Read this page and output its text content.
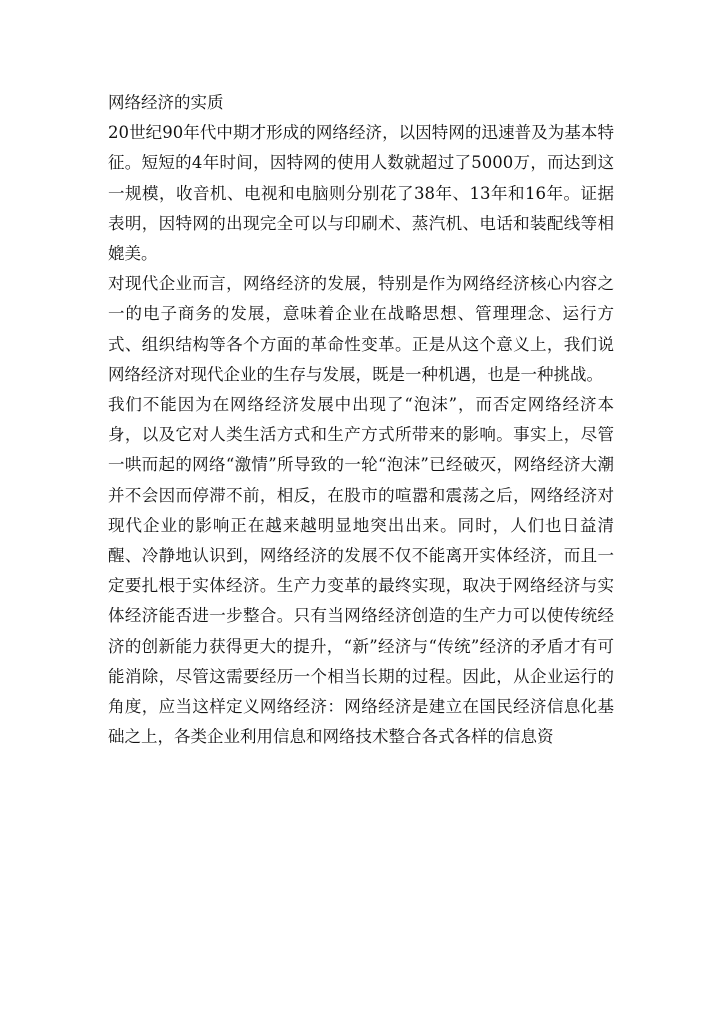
网络经济的实质

20世纪90年代中期才形成的网络经济，以因特网的迅速普及为基本特征。短短的4年时间，因特网的使用人数就超过了5000万，而达到这一规模，收音机、电视和电脑则分别花了38年、13年和16年。证据表明，因特网的出现完全可以与印刷术、蒸汽机、电话和装配线等相媲美。

对现代企业而言，网络经济的发展，特别是作为网络经济核心内容之一的电子商务的发展，意味着企业在战略思想、管理理念、运行方式、组织结构等各个方面的革命性变革。正是从这个意义上，我们说网络经济对现代企业的生存与发展，既是一种机遇，也是一种挑战。

我们不能因为在网络经济发展中出现了“泡沫”，而否定网络经济本身，以及它对人类生活方式和生产方式所带来的影响。事实上，尽管一哄而起的网络“激情”所导致的一轮“泡沫”已经破灭，网络经济大潮并不会因而停滞不前，相反，在股市的喧嚣和震荡之后，网络经济对现代企业的影响正在越来越明显地突出出来。同时，人们也日益清醒、冷静地认识到，网络经济的发展不仅不能离开实体经济，而且一定要扎根于实体经济。生产力变革的最终实现，取决于网络经济与实体经济能否进一步整合。只有当网络经济创造的生产力可以使传统经济的创新能力获得更大的提升，“新”经济与“传统”经济的矛盾才有可能消除，尽管这需要经历一个相当长期的过程。因此，从企业运行的角度，应当这样定义网络经济：网络经济是建立在国民经济信息化基础之上，各类企业利用信息和网络技术整合各式各样的信息资
